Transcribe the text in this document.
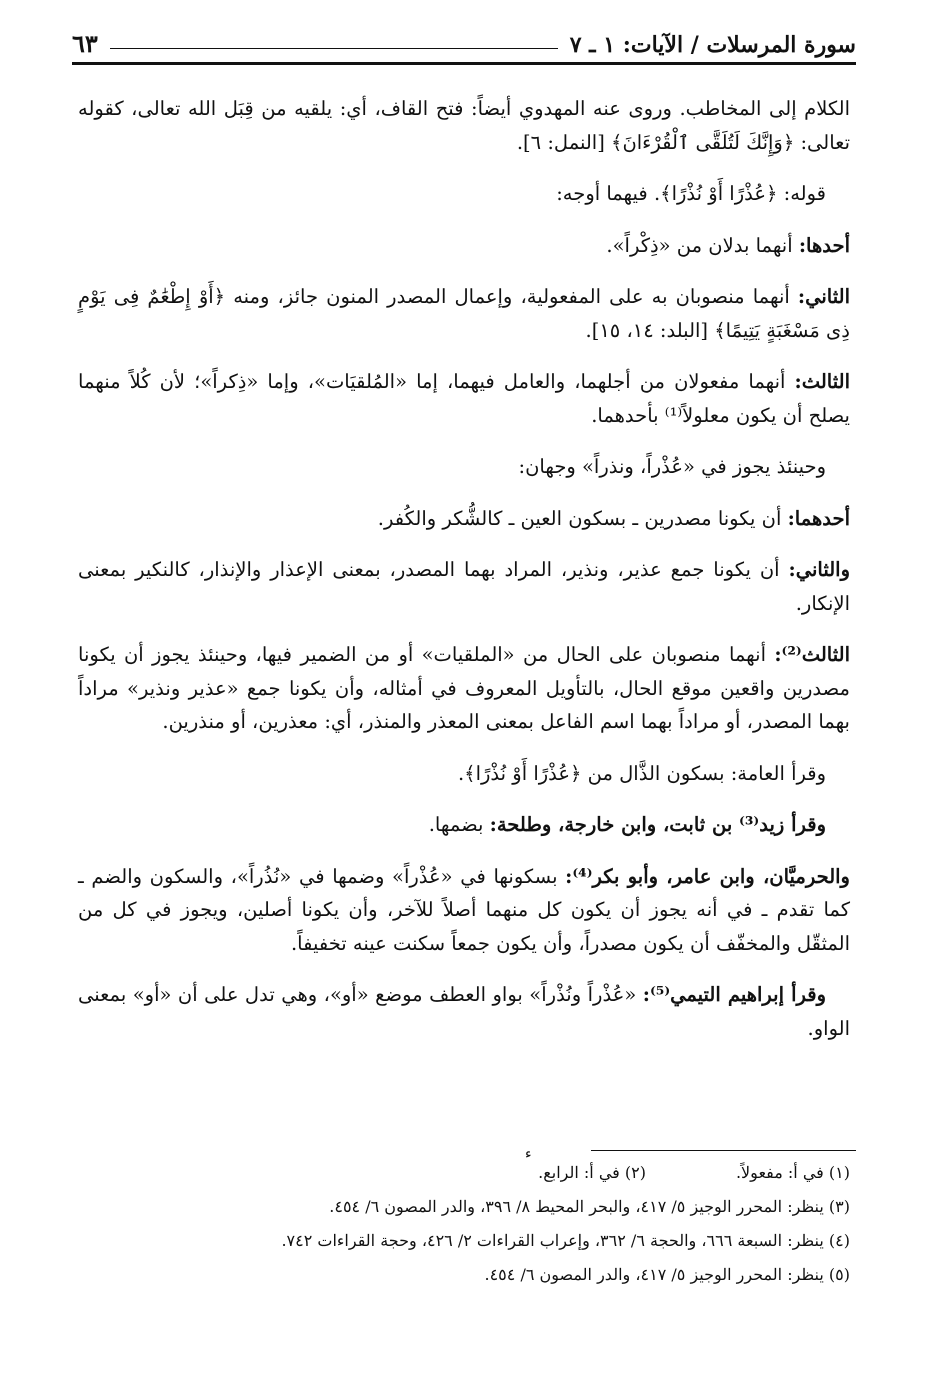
سورة المرسلات / الآيات: ١ ـ ٧
٦٣

الكلام إلى المخاطب. وروى عنه المهدوي أيضاً: فتح القاف، أي: يلقيه من قِبَل الله تعالى، كقوله تعالى: ﴿وَإِنَّكَ لَتُلَقَّى ٱلْقُرْءَانَ﴾ [النمل: ٦].

قوله: ﴿عُذْرًا أَوْ نُذْرًا﴾. فيهما أوجه:

أحدها: أنهما بدلان من «ذِكْراً».

الثاني: أنهما منصوبان به على المفعولية، وإعمال المصدر المنون جائز، ومنه ﴿أَوْ إِطْعَٰمٌ فِى يَوْمٍ ذِى مَسْغَبَةٍ يَتِيمًا﴾ [البلد: ١٤، ١٥].

الثالث: أنهما مفعولان من أجلهما، والعامل فيهما، إما «المُلقيَات»، وإما «ذِكراً»؛ لأن كُلاً منهما يصلح أن يكون معلولاً⁽¹⁾ بأحدهما.

وحينئذ يجوز في «عُذْراً، ونذراً» وجهان:

أحدهما: أن يكونا مصدرين ـ بسكون العين ـ كالشُّكر والكُفر.

والثاني: أن يكونا جمع عذير، ونذير، المراد بهما المصدر، بمعنى الإعذار والإنذار، كالنكير بمعنى الإنكار.

الثالث⁽²⁾: أنهما منصوبان على الحال من «الملقيات» أو من الضمير فيها، وحينئذ يجوز أن يكونا مصدرين واقعين موقع الحال، بالتأويل المعروف في أمثاله، وأن يكونا جمع «عذير ونذير» مراداً بهما المصدر، أو مراداً بهما اسم الفاعل بمعنى المعذر والمنذر، أي: معذرين، أو منذرين.

وقرأ العامة: بسكون الذَّال من ﴿عُذْرًا أَوْ نُذْرًا﴾.

وقرأ زيد⁽³⁾ بن ثابت، وابن خارجة، وطلحة: بضمها.

والحرميَّان، وابن عامر، وأبو بكر⁽⁴⁾: بسكونها في «عُذْراً» وضمها في «نُذُراً»، والسكون والضم ـ كما تقدم ـ في أنه يجوز أن يكون كل منهما أصلاً للآخر، وأن يكونا أصلين، ويجوز في كل من المثقّل والمخفّف أن يكون مصدراً، وأن يكون جمعاً سكنت عينه تخفيفاً.

وقرأ إبراهيم التيمي⁽⁵⁾: «عُذْراً ونُذْراً» بواو العطف موضع «أو»، وهي تدل على أن «أو» بمعنى الواو.

ء
(١) في أ: مفعولاً.
(٢) في أ: الرابع.
(٣) ينظر: المحرر الوجيز ٥/ ٤١٧، والبحر المحيط ٨/ ٣٩٦، والدر المصون ٦/ ٤٥٤.
(٤) ينظر: السبعة ٦٦٦، والحجة ٦/ ٣٦٢، وإعراب القراءات ٢/ ٤٢٦، وحجة القراءات ٧٤٢.
(٥) ينظر: المحرر الوجيز ٥/ ٤١٧، والدر المصون ٦/ ٤٥٤.
